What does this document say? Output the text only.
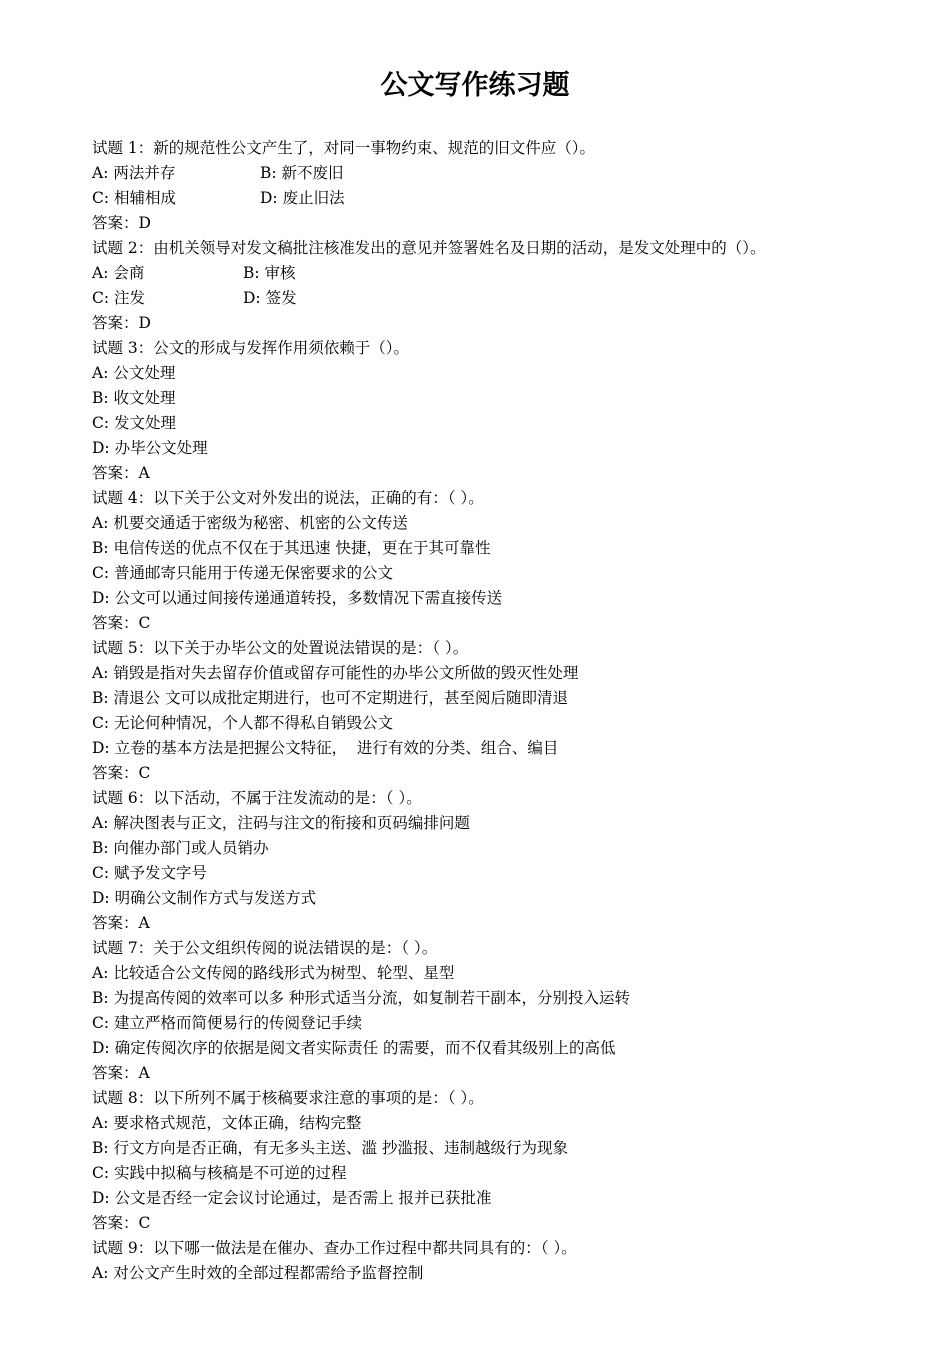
公文写作练习题
试题 1：新的规范性公文产生了，对同一事物约束、规范的旧文件应（）。
A: 两法并存	B: 新不废旧
C: 相辅相成	D: 废止旧法
答案：D
试题 2：由机关领导对发文稿批注核准发出的意见并签署姓名及日期的活动，是发文处理中的（）。
A: 会商	B: 审核
C: 注发	D: 签发
答案：D
试题 3：公文的形成与发挥作用须依赖于（）。
A: 公文处理
B: 收文处理
C: 发文处理
D: 办毕公文处理
答案：A
试题 4：以下关于公文对外发出的说法，正确的有：（ ）。
A: 机要交通适于密级为秘密、机密的公文传送
B: 电信传送的优点不仅在于其迅速 快捷，更在于其可靠性
C: 普通邮寄只能用于传递无保密要求的公文
D: 公文可以通过间接传递通道转投，多数情况下需直接传送
答案：C
试题 5：以下关于办毕公文的处置说法错误的是：（ ）。
A: 销毁是指对失去留存价值或留存可能性的办毕公文所做的毁灭性处理
B: 清退公 文可以成批定期进行，也可不定期进行，甚至阅后随即清退
C: 无论何种情况，个人都不得私自销毁公文
D: 立卷的基本方法是把握公文特征，  进行有效的分类、组合、编目
答案：C
试题 6：以下活动，不属于注发流动的是：（ ）。
A: 解决图表与正文，注码与注文的衔接和页码编排问题
B: 向催办部门或人员销办
C: 赋予发文字号
D: 明确公文制作方式与发送方式
答案：A
试题 7：关于公文组织传阅的说法错误的是：（ ）。
A: 比较适合公文传阅的路线形式为树型、轮型、星型
B: 为提高传阅的效率可以多 种形式适当分流，如复制若干副本，分别投入运转
C: 建立严格而简便易行的传阅登记手续
D: 确定传阅次序的依据是阅文者实际责任 的需要，而不仅看其级别上的高低
答案：A
试题 8：以下所列不属于核稿要求注意的事项的是：（ ）。
A: 要求格式规范，文体正确，结构完整
B: 行文方向是否正确，有无多头主送、滥 抄滥报、违制越级行为现象
C: 实践中拟稿与核稿是不可逆的过程
D: 公文是否经一定会议讨论通过，是否需上 报并已获批准
答案：C
试题 9：以下哪一做法是在催办、查办工作过程中都共同具有的：（ ）。
A: 对公文产生时效的全部过程都需给予监督控制
